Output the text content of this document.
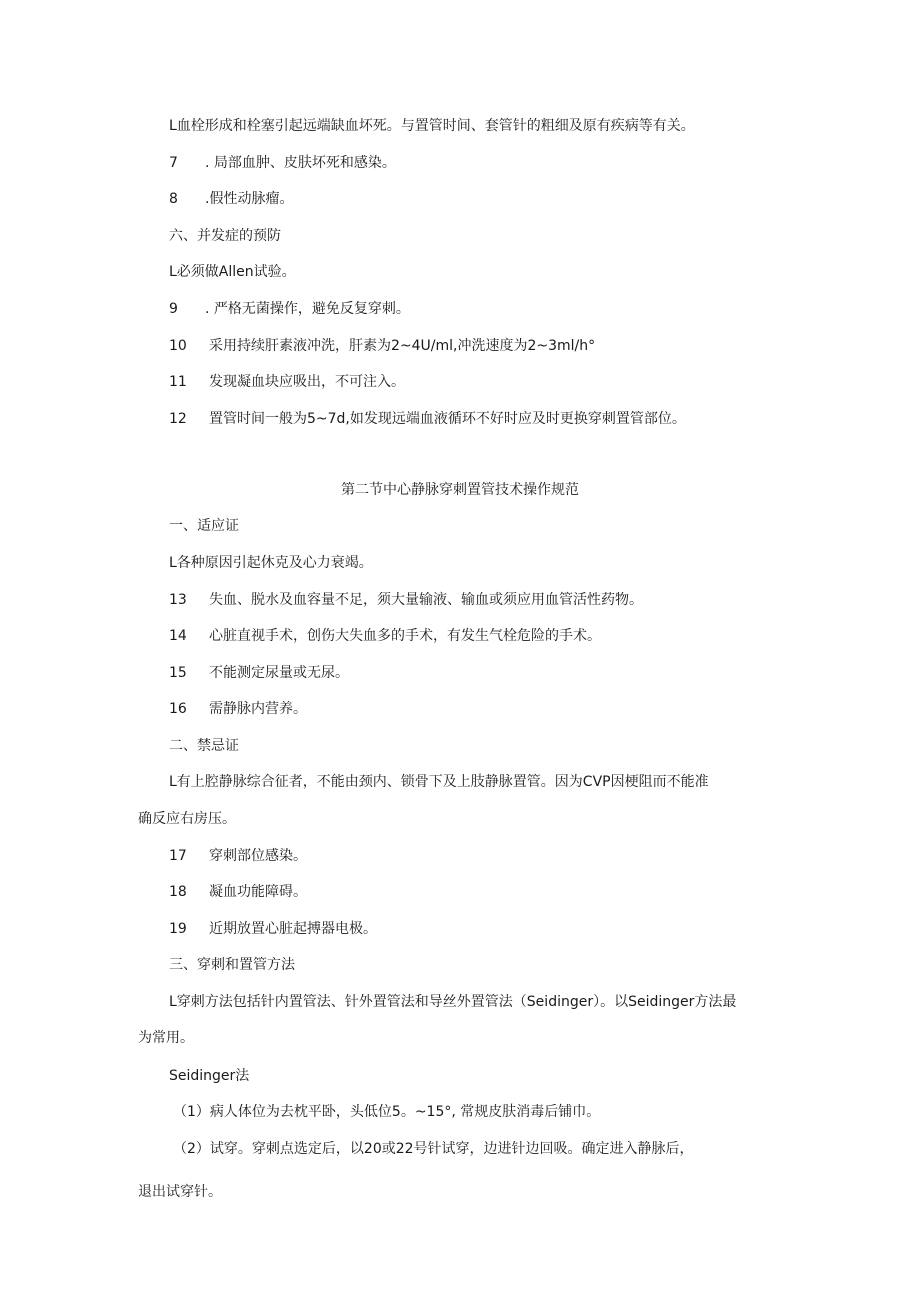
L血栓形成和栓塞引起远端缺血坏死。与置管时间、套管针的粗细及原有疾病等有关。
7 . 局部血肿、皮肤坏死和感染。
8 .假性动脉瘤。
六、并发症的预防
L必须做Allen试验。
9 . 严格无菌操作，避免反复穿刺。
10 采用持续肝素液冲洗，肝素为2~4U/ml,冲洗速度为2~3ml/h°
11 发现凝血块应吸出，不可注入。
12 置管时间一般为5~7d,如发现远端血液循环不好时应及时更换穿刺置管部位。
第二节中心静脉穿刺置管技术操作规范
一、适应证
L各种原因引起休克及心力衰竭。
13 失血、脱水及血容量不足，须大量输液、输血或须应用血管活性药物。
14 心脏直视手术，创伤大失血多的手术，有发生气栓危险的手术。
15 不能测定尿量或无尿。
16 需静脉内营养。
二、禁忌证
L有上腔静脉综合征者，不能由颈内、锁骨下及上肢静脉置管。因为CVP因梗阻而不能准
确反应右房压。
17 穿刺部位感染。
18 凝血功能障碍。
19 近期放置心脏起搏器电极。
三、穿刺和置管方法
L穿刺方法包括针内置管法、针外置管法和导丝外置管法（Seidinger）。以Seidinger方法最
为常用。
Seidinger法
（1）病人体位为去枕平卧，头低位5。~15°, 常规皮肤消毒后铺巾。
（2）试穿。穿刺点选定后，以20或22号针试穿，边进针边回吸。确定进入静脉后，
退出试穿针。
